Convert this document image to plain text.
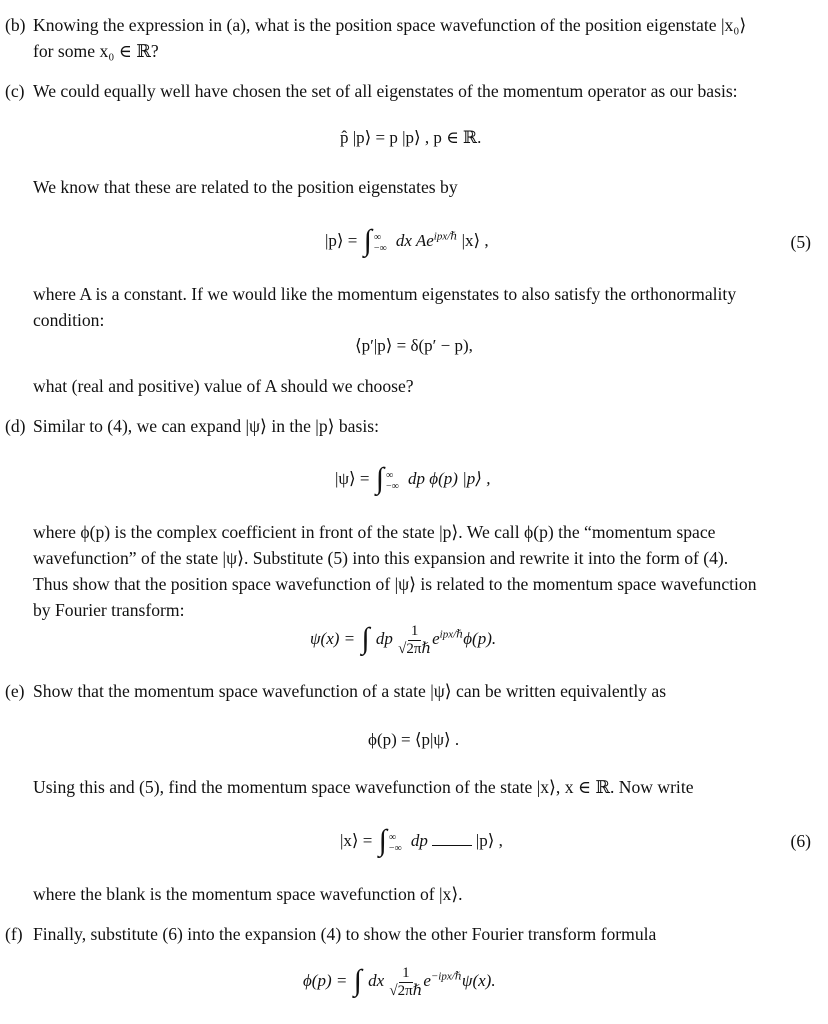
(b) Knowing the expression in (a), what is the position space wavefunction of the position eigenstate |x₀⟩
for some x₀ ∈ ℝ?
(c) We could equally well have chosen the set of all eigenstates of the momentum operator as our basis:
p̂ |p⟩ = p |p⟩ , p ∈ ℝ.
We know that these are related to the position eigenstates by
|p⟩ = ∫ ∞
−∞ dx $Ae^{ipx/\hbar}$ |x⟩ ,	(5)
where A is a constant. If we would like the momentum eigenstates to also satisfy the orthonormality
condition:
⟨p′|p⟩ = δ(p′ − p),
what (real and positive) value of A should we choose?
(d) Similar to (4), we can expand |ψ⟩ in the |p⟩ basis:
|ψ⟩ = ∫ ∞
−∞ dp ϕ(p) |p⟩ ,
where ϕ(p) is the complex coefficient in front of the state |p⟩. We call ϕ(p) the “momentum space
wavefunction” of the state |ψ⟩. Substitute (5) into this expansion and rewrite it into the form of (4).
Thus show that the position space wavefunction of |ψ⟩ is related to the momentum space wavefunction
by Fourier transform:
ψ(x) = ∫ dp $\frac{1}{\text{√2πℏ}} e^{ipx/\hbar}\phi(p)$.
(e) Show that the momentum space wavefunction of a state |ψ⟩ can be written equivalently as
ϕ(p) = ⟨p|ψ⟩ .
Using this and (5), find the momentum space wavefunction of the state |x⟩, x ∈ ℝ. Now write
|x⟩ = ∫ ∞
−∞ dp	|p⟩ ,	(6)
where the blank is the momentum space wavefunction of |x⟩.
(f) Finally, substitute (6) into the expansion (4) to show the other Fourier transform formula
ϕ(p) = ∫ dx $\frac{1}{\text{√2πℏ}} e^{-ipx/\hbar}\psi(x)$.
